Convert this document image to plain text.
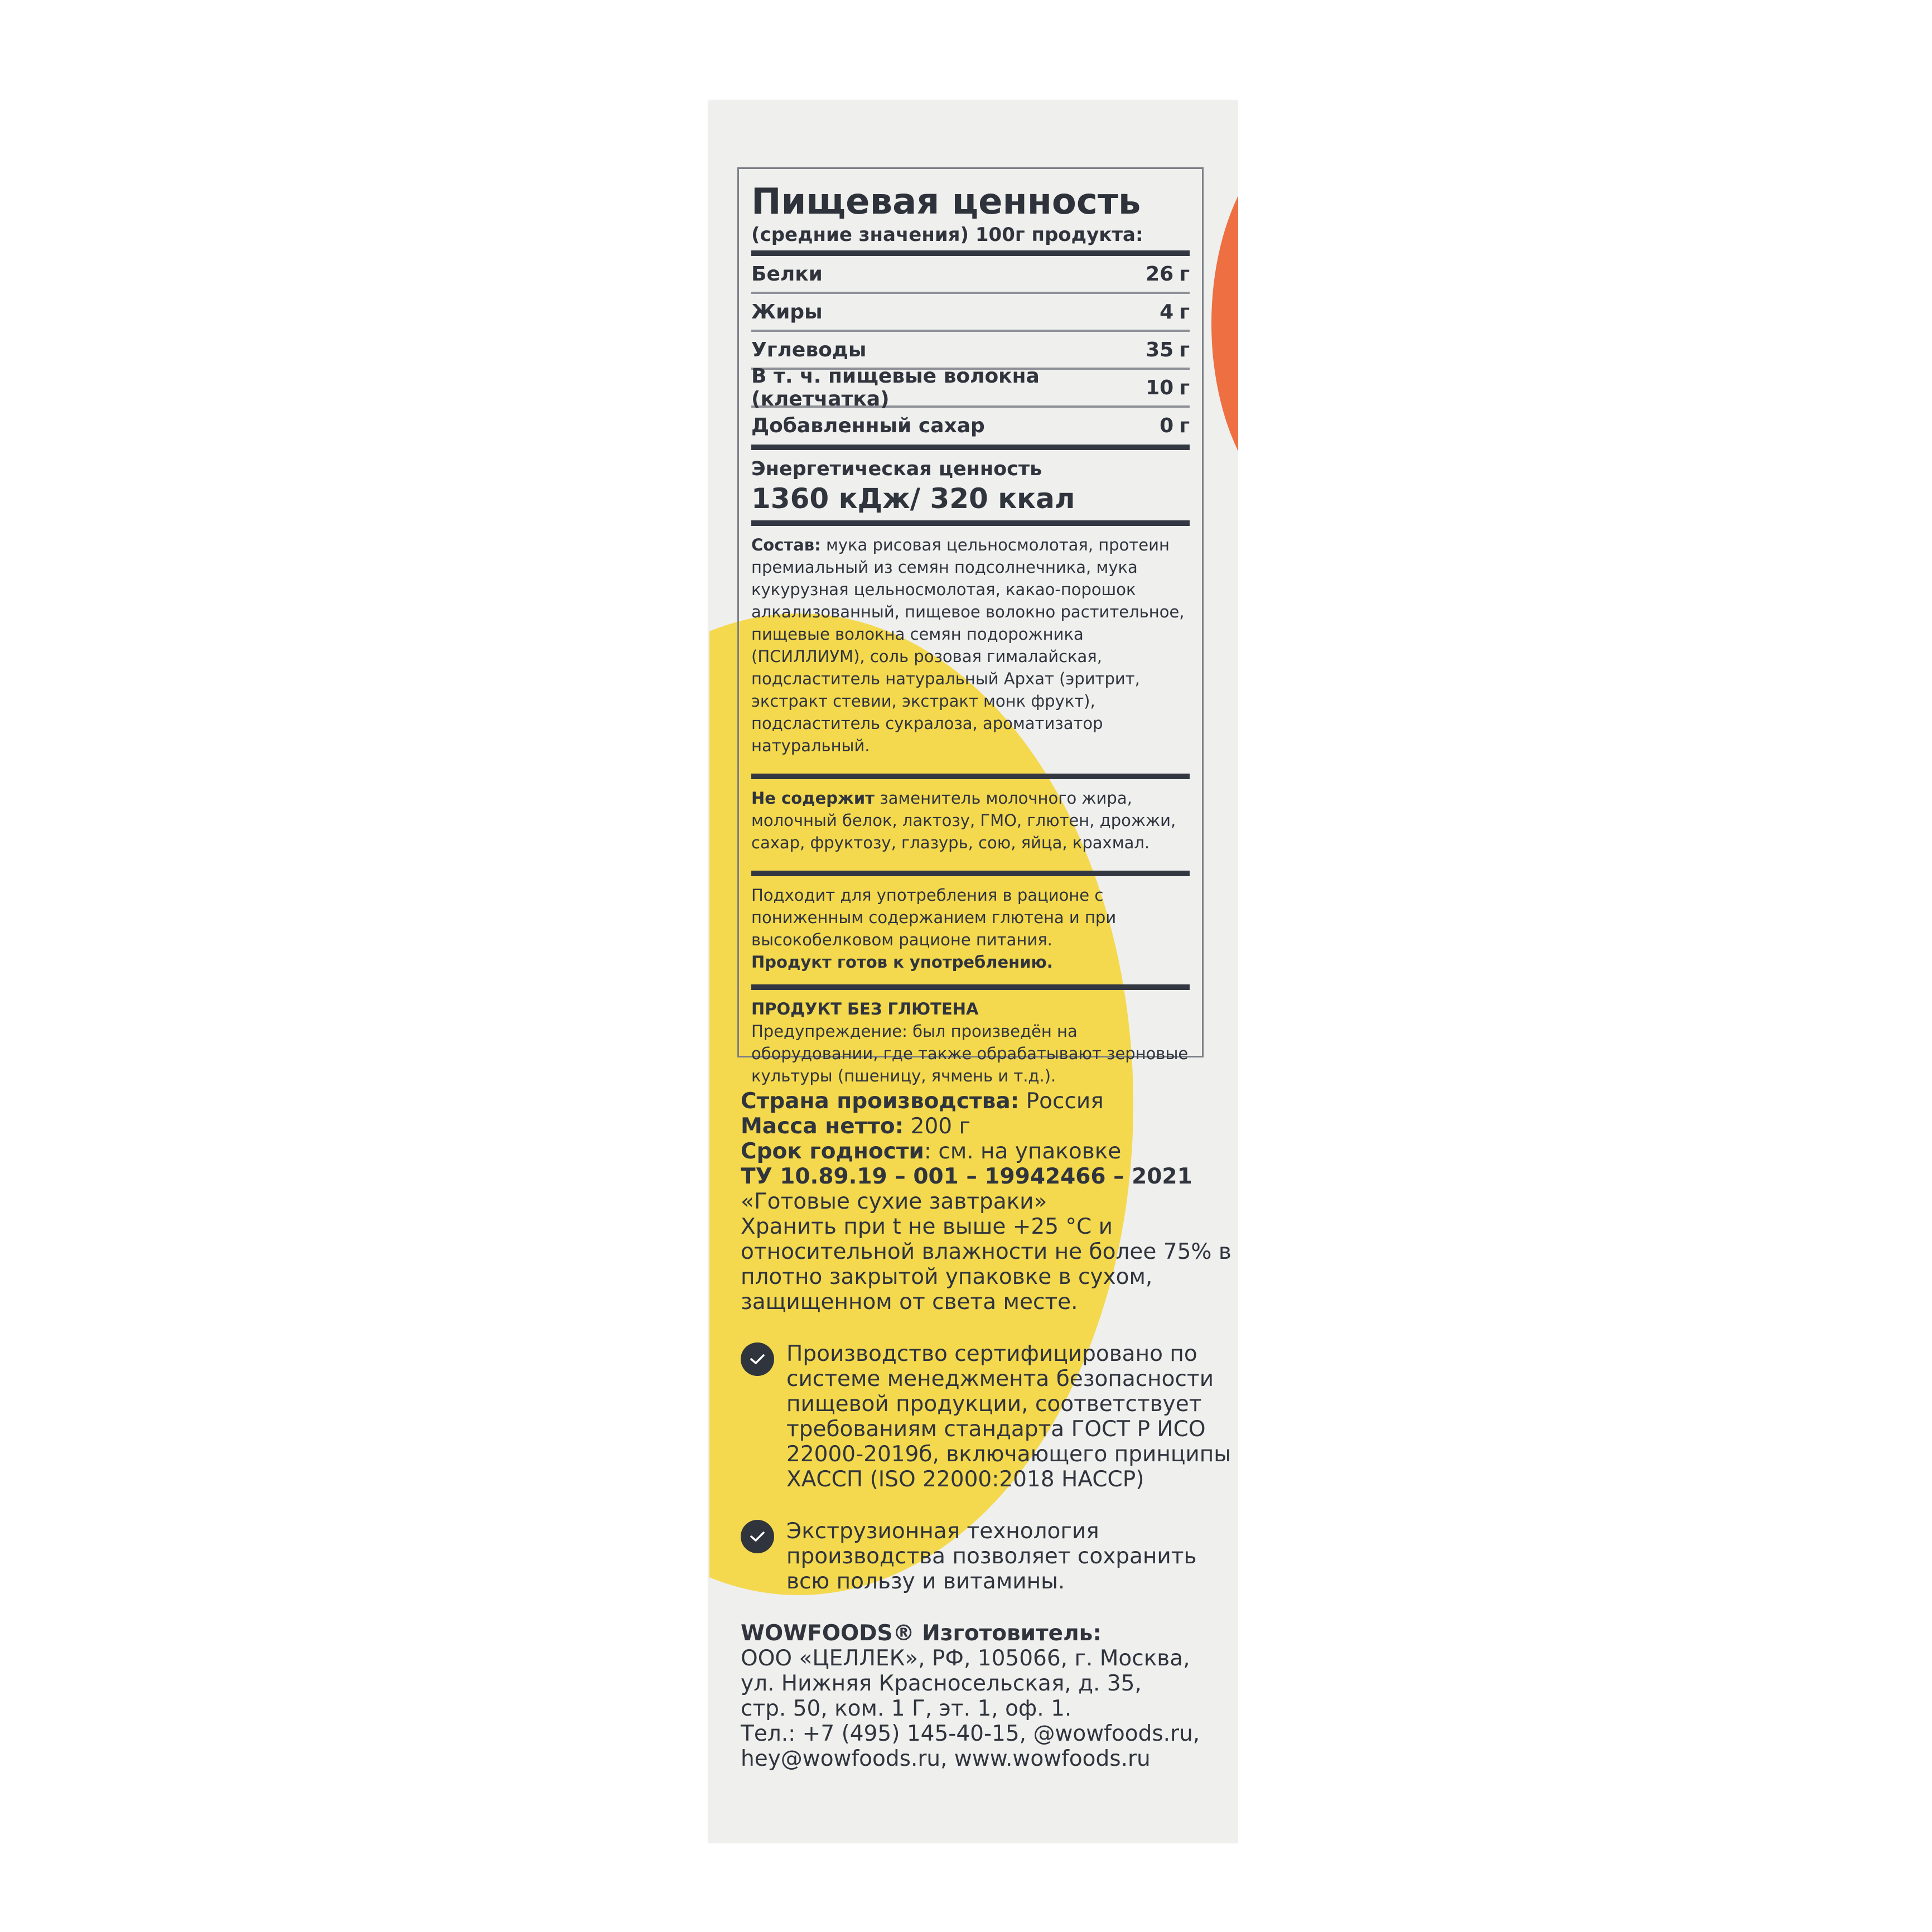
Пищевая ценность
(средние значения) 100г продукта:
Белки	26 г
Жиры	4 г
Углеводы	35 г
В т. ч. пищевые волокна (клетчатка)	10 г
Добавленный сахар	0 г
Энергетическая ценность
1360 кДж/ 320 ккал
Состав: мука рисовая цельносмолотая, протеин премиальный из семян подсолнечника, мука кукурузная цельносмолотая, какао-порошок алкализованный, пищевое волокно растительное, пищевые волокна семян подорожника (ПСИЛЛИУМ), соль розовая гималайская, подсластитель натуральный Архат (эритрит, экстракт стевии, экстракт монк фрукт), подсластитель сукралоза, ароматизатор натуральный.
Не содержит заменитель молочного жира, молочный белок, лактозу, ГМО, глютен, дрожжи, сахар, фруктозу, глазурь, сою, яйца, крахмал.
Подходит для употребления в рационе с пониженным содержанием глютена и при высокобелковом рационе питания.
Продукт готов к употреблению.
ПРОДУКТ БЕЗ ГЛЮТЕНА
Предупреждение: был произведён на оборудовании, где также обрабатывают зерновые культуры (пшеницу, ячмень и т.д.).
Страна производства: Россия
Масса нетто: 200 г
Срок годности: см. на упаковке
ТУ 10.89.19 – 001 – 19942466 – 2021
«Готовые сухие завтраки»
Хранить при t не выше +25 °C и относительной влажности не более 75% в плотно закрытой упаковке в сухом, защищенном от света месте.
Производство сертифицировано по системе менеджмента безопасности пищевой продукции, соответствует требованиям стандарта ГОСТ Р ИСО 22000-2019б, включающего принципы ХАССП (ISO 22000:2018 HACCP)
Экструзионная технология производства позволяет сохранить всю пользу и витамины.
WOWFOODS® Изготовитель:
ООО «ЦЕЛЛЕК», РФ, 105066, г. Москва,
ул. Нижняя Красносельская, д. 35,
стр. 50, ком. 1 Г, эт. 1, оф. 1.
Тел.: +7 (495) 145-40-15, @wowfoods.ru,
hey@wowfoods.ru, www.wowfoods.ru
